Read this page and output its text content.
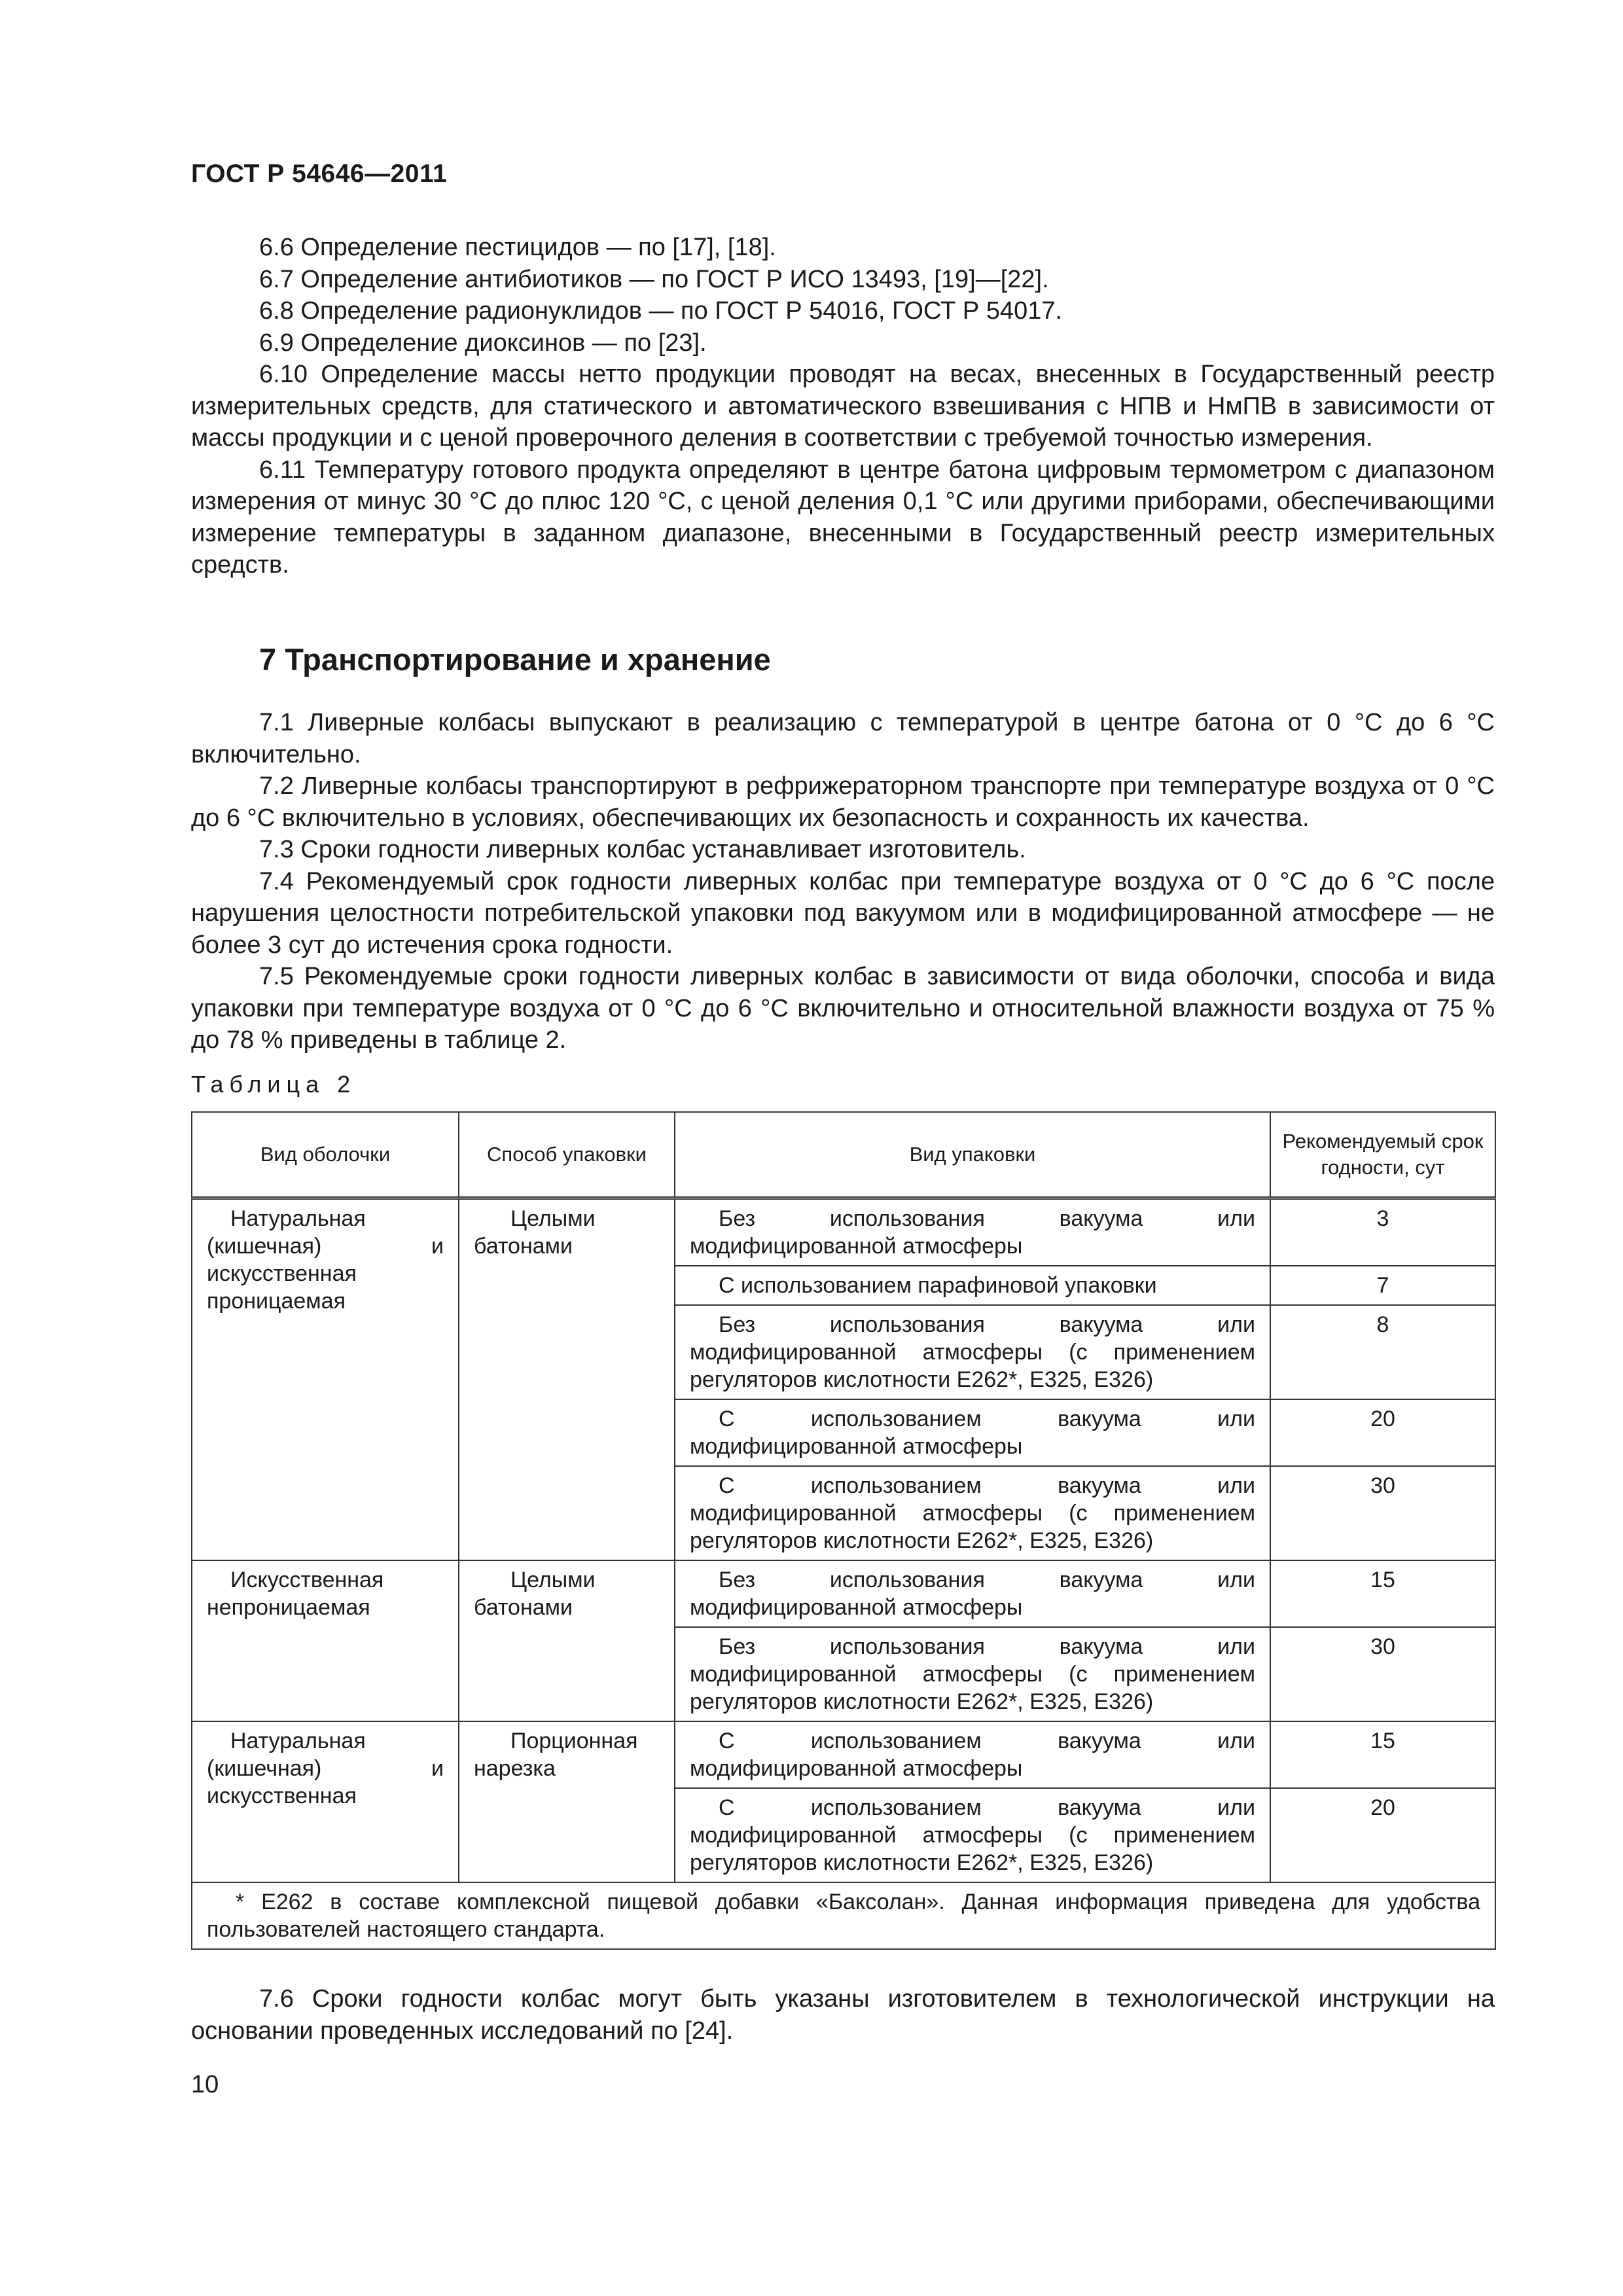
ГОСТ Р 54646—2011

6.6 Определение пестицидов — по [17], [18].

6.7 Определение антибиотиков — по ГОСТ Р ИСО 13493, [19]—[22].

6.8 Определение радионуклидов — по ГОСТ Р 54016, ГОСТ Р 54017.

6.9 Определение диоксинов — по [23].

6.10 Определение массы нетто продукции проводят на весах, внесенных в Государственный реестр измерительных средств, для статического и автоматического взвешивания с НПВ и НмПВ в зависимости от массы продукции и с ценой проверочного деления в соответствии с требуемой точностью измерения.

6.11 Температуру готового продукта определяют в центре батона цифровым термометром с диапазоном измерения от минус 30 °С до плюс 120 °С, с ценой деления 0,1 °С или другими приборами, обеспечивающими измерение температуры в заданном диапазоне, внесенными в Государственный реестр измерительных средств.

7 Транспортирование и хранение

7.1 Ливерные колбасы выпускают в реализацию с температурой в центре батона от 0 °С до 6 °С включительно.

7.2 Ливерные колбасы транспортируют в рефрижераторном транспорте при температуре воздуха от 0 °С до 6 °С включительно в условиях, обеспечивающих их безопасность и сохранность их качества.

7.3 Сроки годности ливерных колбас устанавливает изготовитель.

7.4 Рекомендуемый срок годности ливерных колбас при температуре воздуха от 0 °С до 6 °С после нарушения целостности потребительской упаковки под вакуумом или в модифицированной атмосфере — не более 3 сут до истечения срока годности.

7.5 Рекомендуемые сроки годности ливерных колбас в зависимости от вида оболочки, способа и вида упаковки при температуре воздуха от 0 °С до 6 °С включительно и относительной влажности воздуха от 75 % до 78 % приведены в таблице 2.

Таблица 2
Вид оболочки	Способ упаковки	Вид упаковки	Рекомендуемый срок годности, сут
Натуральная (кишечная) и искусственная проницаемая	Целыми батонами	Без использования вакуума или модифицированной атмосферы	3
		С использованием парафиновой упаковки	7
		Без использования вакуума или модифицированной атмосферы (с применением регуляторов кислотности Е262*, Е325, Е326)	8
		С использованием вакуума или модифицированной атмосферы	20
		С использованием вакуума или модифицированной атмосферы (с применением регуляторов кислотности Е262*, Е325, Е326)	30
Искусственная непроницаемая	Целыми батонами	Без использования вакуума или модифицированной атмосферы	15
		Без использования вакуума или модифицированной атмосферы (с применением регуляторов кислотности Е262*, Е325, Е326)	30
Натуральная (кишечная) и искусственная	Порционная нарезка	С использованием вакуума или модифицированной атмосферы	15
		С использованием вакуума или модифицированной атмосферы (с применением регуляторов кислотности Е262*, Е325, Е326)	20
* Е262 в составе комплексной пищевой добавки «Баксолан». Данная информация приведена для удобства пользователей настоящего стандарта.			

7.6 Сроки годности колбас могут быть указаны изготовителем в технологической инструкции на основании проведенных исследований по [24].

10
